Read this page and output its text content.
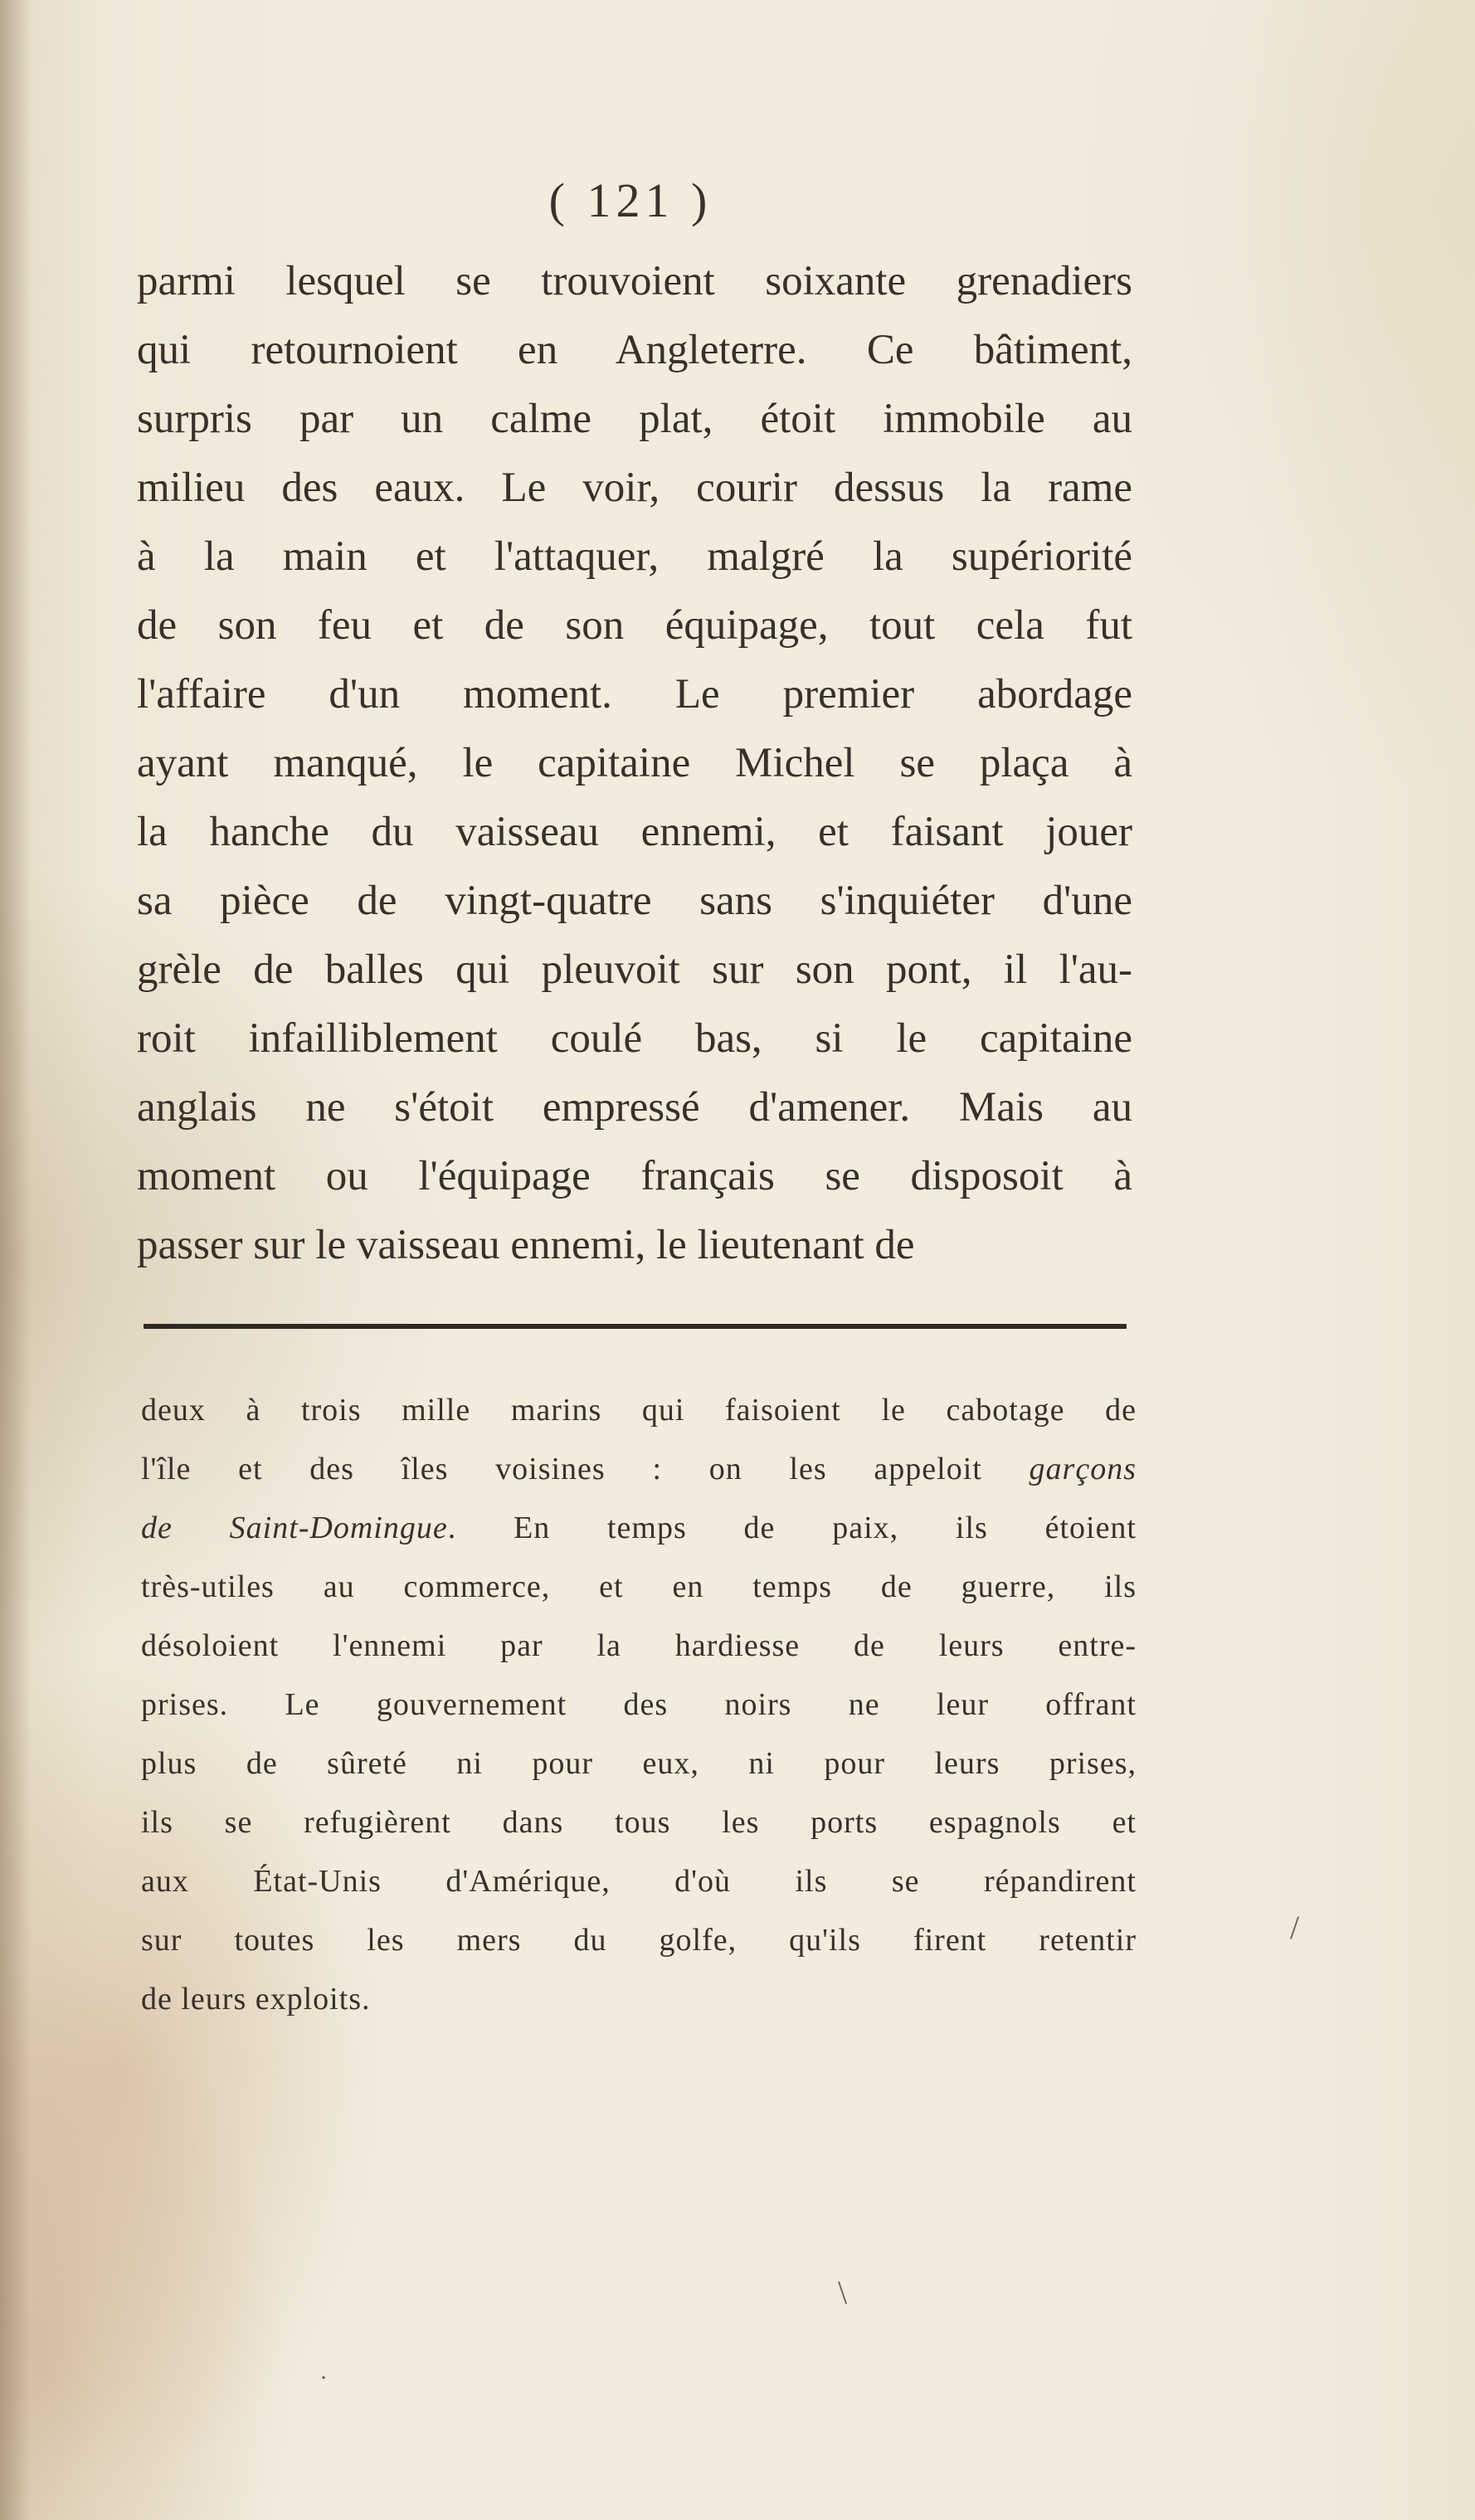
( 121 )
parmi lesquel se trouvoient soixante grenadiers
qui retournoient en Angleterre. Ce bâtiment,
surpris par un calme plat, étoit immobile au
milieu des eaux. Le voir, courir dessus la rame
à la main et l'attaquer, malgré la supériorité
de son feu et de son équipage, tout cela fut
l'affaire d'un moment. Le premier abordage
ayant manqué, le capitaine Michel se plaça à
la hanche du vaisseau ennemi, et faisant jouer
sa pièce de vingt-quatre sans s'inquiéter d'une
grèle de balles qui pleuvoit sur son pont, il l'au-
roit infailliblement coulé bas, si le capitaine
anglais ne s'étoit empressé d'amener. Mais au
moment ou l'équipage français se disposoit à
passer sur le vaisseau ennemi, le lieutenant de
deux à trois mille marins qui faisoient le cabotage de
l'île et des îles voisines : on les appeloit garçons
de Saint-Domingue. En temps de paix, ils étoient
très-utiles au commerce, et en temps de guerre, ils
désoloient l'ennemi par la hardiesse de leurs entre-
prises. Le gouvernement des noirs ne leur offrant
plus de sûreté ni pour eux, ni pour leurs prises,
ils se refugièrent dans tous les ports espagnols et
aux État-Unis d'Amérique, d'où ils se répandirent
sur toutes les mers du golfe, qu'ils firent retentir
de leurs exploits.
/
\
·
